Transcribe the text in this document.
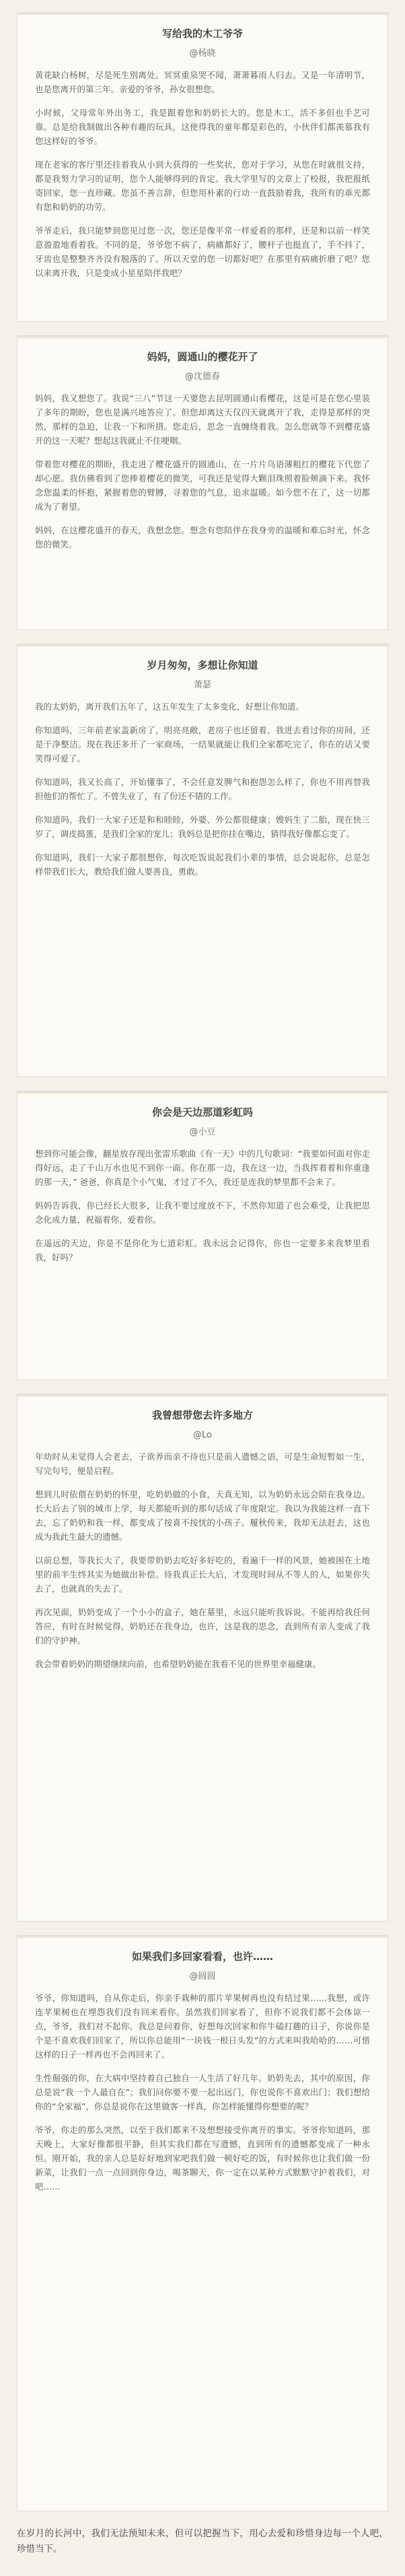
写给我的木工爷爷
@杨晓

黄花缺白杨树，尽是死生别离处。冥冥重泉哭不闻，萧萧暮雨人归去。又是一年清明节，也是您离开的第三年。亲爱的爷爷，孙女很想您。

小时候，父母常年外出务工，我是跟着您和奶奶长大的。您是木工，活不多但也手艺可靠。总是给我制做出各种有趣的玩具，这使得我的童年都是彩色的，小伙伴们都羡慕我有您这样好的爷爷。

现在老家的客厅里还挂着我从小到大获得的一些奖状，您对于学习，从您在时就很支持，都是我努力学习的证明，您个人能够得到的肯定。我大学里写的文章上了校报，我把报纸寄回家，您一直珍藏。您虽不善言辞，但您用朴素的行动一直鼓励着我，我所有的乖光都有您和奶奶的功劳。

爷爷走后，我只能梦到您见过您一次，您还是像平常一样爱看的那样，还是和以前一样笑意盈盈地看着我。不同的是，爷爷您不病了，病痛都好了，腰杆子也挺直了，手不抖了，牙齿也是整整齐齐没有脱落的了。所以天堂的您一切都好吧？在那里有病痛折磨了吧？您以来离开我，只是变成小星星陪伴我吧？

妈妈，圆通山的樱花开了
@沈德春

妈妈，我又想您了。我说“三八”节这一天要您去昆明圆通山看樱花，这是可是在您心里装了多年的期盼，您也是满兴地答应了。但您却离这天仅四天就离开了我，走得是那样的突然，那样的急迫，让我一下和所措。您走后，思念一直缠绕着我。怎么您就等不到樱花盛开的这一天呢？想起这我就止不住哽咽。

带着您对樱花的期盼，我走进了樱花盛开的圆通山，在一片片鸟语薄粗红的樱花下代您了却心愿。我仿佛看到了您捧着樱花的微笑，可我还是觉得大颗泪珠照着脸颊滴下来。我怀念您温柔的怀抱，紧握着您的臂膊，寻着您的气息，追求温暖。如今您不在了，这一切都成为了奢望。

妈妈，在这樱花盛开的春天，我想念您。想念有您陪伴在我身旁的温暖和难忘时光，怀念您的微笑。

岁月匆匆，多想让你知道
萧瑟

我的太奶奶，离开我们五年了，这五年发生了太多变化，好想让你知道。

你知道吗，三年前老家盖新房了，明亮亮敞，老房子也还留着，我进去看过你的房间，还是干净整洁。现在我还多开了一家商场，一结果就能让我们全家都吃完了，你在的话又要笑得可爱了。

你知道吗，我又长高了，开始懂事了，不会任意发脾气和抱怨怎么样了，你也不用再替我担他们的帮忙了。不曾失业了，有了份还不错的工作。

你知道吗，我们一大家子还是和和睦睦，外婆、外公都很健康；嫂妈生了二胎，现在快三岁了，调皮捣蛋，是我们全家的宠儿；我妈总是把你挂在嘴边，猜得我好像都忘变了。

你知道吗，我们一大家子都很想你，每次吃饭说起我们小辈的事情，总会说起你，总是怎样带我们长大，教给我们做人要善良，勇敢。

你会是天边那道彩虹吗
@小豆

想到你可能会像，翻星放存现出张雷乐歌曲《有一天》中的几句歌词：“我要如何面对你走得好远，走了千山万水也见不到你一面。你在那一边，我在这一边，当我挥着着和你重逢的那一天，” 爸爸，你真是个小气鬼，才过了不久，我还是连我的梦里都不会来了。

妈妈告诉我，你已经长大很多，让我不要过度放不下，不然你知道了也会难受，让我把思念化成力量，祝福着你，爱着你。

在遥远的天边，你是不是你化为七道彩虹。我永远会记得你，你也一定要多来我梦里看我，好吗？

我曾想带您去许多地方
@Lo

年幼时从未觉得人会老去，子欲养而亲不待也只是前人遗憾之语，可是生命短暂如一生，写完句号，便是启程。

想到儿时依偎在奶奶的怀里，吃奶奶做的小食，天真无知，以为奶奶永远会陪在我身边。长大后去了别的城市上学，每天都能听到的那句话成了年度限定。我以为我能这样一直下去，忘了奶奶和我一样，都变成了按喜不按忧的小孩子。履秋传来，我却无法赶去，这也成为我此生最大的遗憾。

以前总想，等我长大了，我要带奶奶去吃好多好吃的，看遍千一样的风景，她被困在土地里的前半生终其实为她做出补偿。待我真正长大后，才发现时间从不等人的人，如果你失去了，也就真的失去了。

再次见面，奶奶变成了一个小小的盒子，她在墓里，永远只能听我诉说。不能再给我任何答应，有时在时候觉得，奶奶还在我身边，也许，这是我的思念，直到所有亲人变成了我们的守护神。

我会带着奶奶的期望继续向前，也希望奶奶能在我看不见的世界里幸福健康。

如果我们多回家看看，也许……
@圆圆

爷爷，你知道吗，自从你走后，你亲手栽种的那片苹果树再也没有结过果……我想，或许连苹果树也在埋怨我们没有回来看你。虽然我们回家看了，但你不说我们都不会体谅一点，爷爷，我们对不起你。我总是问着你，好想每次回家和你牛磕打趣的日子，你说你是个是不喜欢我们回家了，所以你总能用“一块钱一根日头发”的方式来叫我哈哈的……可惜这样的日子一样再也不会再回来了。

生性倔强的你，在大病中坚持着自己独自一人生活了好几年。奶奶先去，其中的原因，你总是说“我一个人最自在”；我们问你要不要一起出远门，你也说你不喜欢出门；我们想给你的“全家福”，你总是说你在这里做客一样真，你怎样能懂得你想要的呢？

爷爷，你走的那么突然，以至于我们都来不及想想接受你离开的事实。爷爷你知道吗，那天晚上，大家好像都很平静，但其实我们都在写遗憾，直到所有的遗憾都变成了一种永恒。刚开始，我的亲人总是好好地到家吧我们做一顿好吃的饭，有时候你也让我们做一份新菜，让我们一点一点回到你身边，喝茶聊天，你一定在以某种方式默默守护着我们，对吧……

在岁月的长河中，我们无法预知未来，但可以把握当下，用心去爱和珍惜身边每一个人吧，珍惜当下。
